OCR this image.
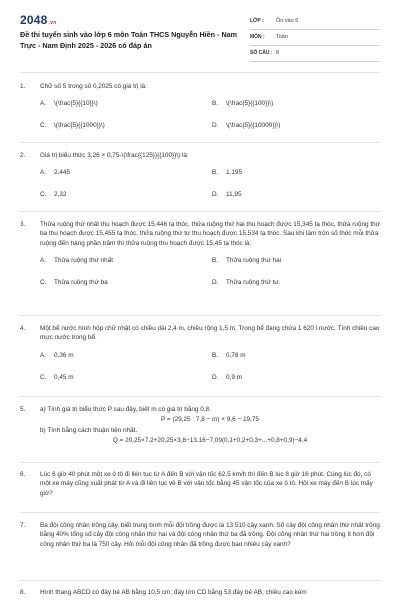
2048.vn
Đề thi tuyển sinh vào lớp 6 môn Toán THCS Nguyễn Hiền - Nam Trực - Nam Định 2025 - 2026 có đáp án
LỚP : Ôn vào 6
MÔN : Toán
SỐ CÂU : 8
1.	Chữ số 5 trong số 0,2025 có giá trị là:
A. \(\frac{5}{{10}}\)	B. \(\frac{5}{{100}}\)
C. \(\frac{5}{{1000}}\)	D. \(\frac{5}{{10000}}\)
2.	Giá trị biểu thức 3,26 × 0,75-\(\frac{{125}}{{100}}\) là:
A. 2,445	B. 1,195
C. 2,32	D. 11,95
3.	Thửa ruộng thứ nhất thu hoạch được 15,446 tạ thóc, thửa ruộng thứ hai thu hoạch được 15,345 tạ thóc, thửa ruộng thứ ba thu hoạch được 15,455 tạ thóc, thửa ruộng thứ tư thu hoạch được 15,534 tạ thóc. Sau khi làm tròn số thóc mỗi thửa ruộng đến hàng phần trăm thì thửa ruộng thu hoạch được 15,45 tạ thóc là:
A. Thửa ruộng thứ nhất	B. Thửa ruộng thứ hai
C. Thửa ruộng thứ ba	D. Thửa ruộng thứ tư.
4.	Một bể nước hình hộp chữ nhật có chiều dài 2,4 m, chiều rộng 1,5 m. Trong bể đang chứa 1 620 l nước. Tính chiều cao mực nước trong bể.
A. 0,36 m	B. 0,78 m
C. 0,45 m	D. 0,9 m
5.	a) Tính giá trị biểu thức P sau đây, biết m có giá trị bằng 0,8.
P = (29,25 : 7,8 − m) × 9,6 − 19,75
b) Tính bằng cách thuận tiện nhất.
Q = 20,25×7,2+20,25×3,8−13,16−7,09(0,1+0,2+0,3+...+0,8+0,9)−4,4
6.	Lúc 6 giờ 40 phút một xe ô tô đi liên tục từ A đến B với vận tốc 62,5 km/h thì đến B lúc 8 giờ 16 phút. Cùng lúc đó, có một xe máy cũng xuất phát từ A và đi liên tục về B với vận tốc bằng 45 vận tốc của xe ô tô. Hỏi xe máy đến B lúc mấy giờ?
7.	Ba đội công nhân trồng cây, biết trung bình mỗi đội trồng được là 13 510 cây xanh. Số cây đội công nhân thứ nhất trồng bằng 40% tổng số cây đội công nhân thứ hai và đội công nhân thứ ba đã trồng. Đội công nhân thứ hai trồng ít hơn đội công nhân thứ ba là 750 cây. Hỏi mỗi đội công nhân đã trồng được bao nhiêu cây xanh?
8.	Hình thang ABCD có đáy bé AB bằng 10,5 cm; đáy lớn CD bằng 53 đáy bé AB, chiều cao kém
